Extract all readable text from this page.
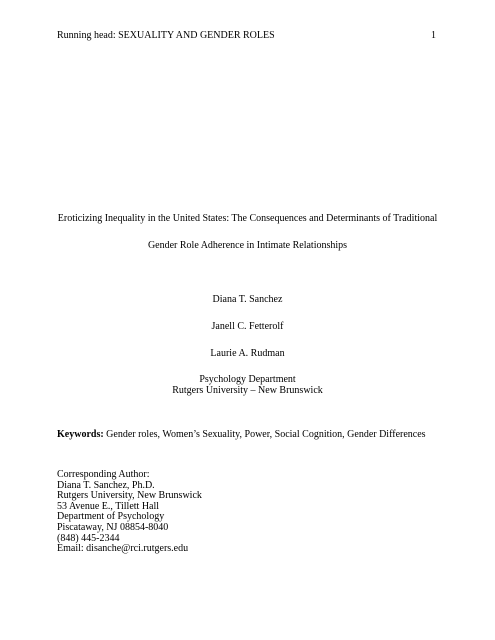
Running head: SEXUALITY AND GENDER ROLES	1
Eroticizing Inequality in the United States: The Consequences and Determinants of Traditional
Gender Role Adherence in Intimate Relationships
Diana T. Sanchez
Janell C. Fetterolf
Laurie A. Rudman
Psychology Department
Rutgers University – New Brunswick
Keywords: Gender roles, Women’s Sexuality, Power, Social Cognition, Gender Differences
Corresponding Author:
Diana T. Sanchez, Ph.D.
Rutgers University, New Brunswick
53 Avenue E., Tillett Hall
Department of Psychology
Piscataway, NJ 08854-8040
(848) 445-2344
Email: disanche@rci.rutgers.edu
